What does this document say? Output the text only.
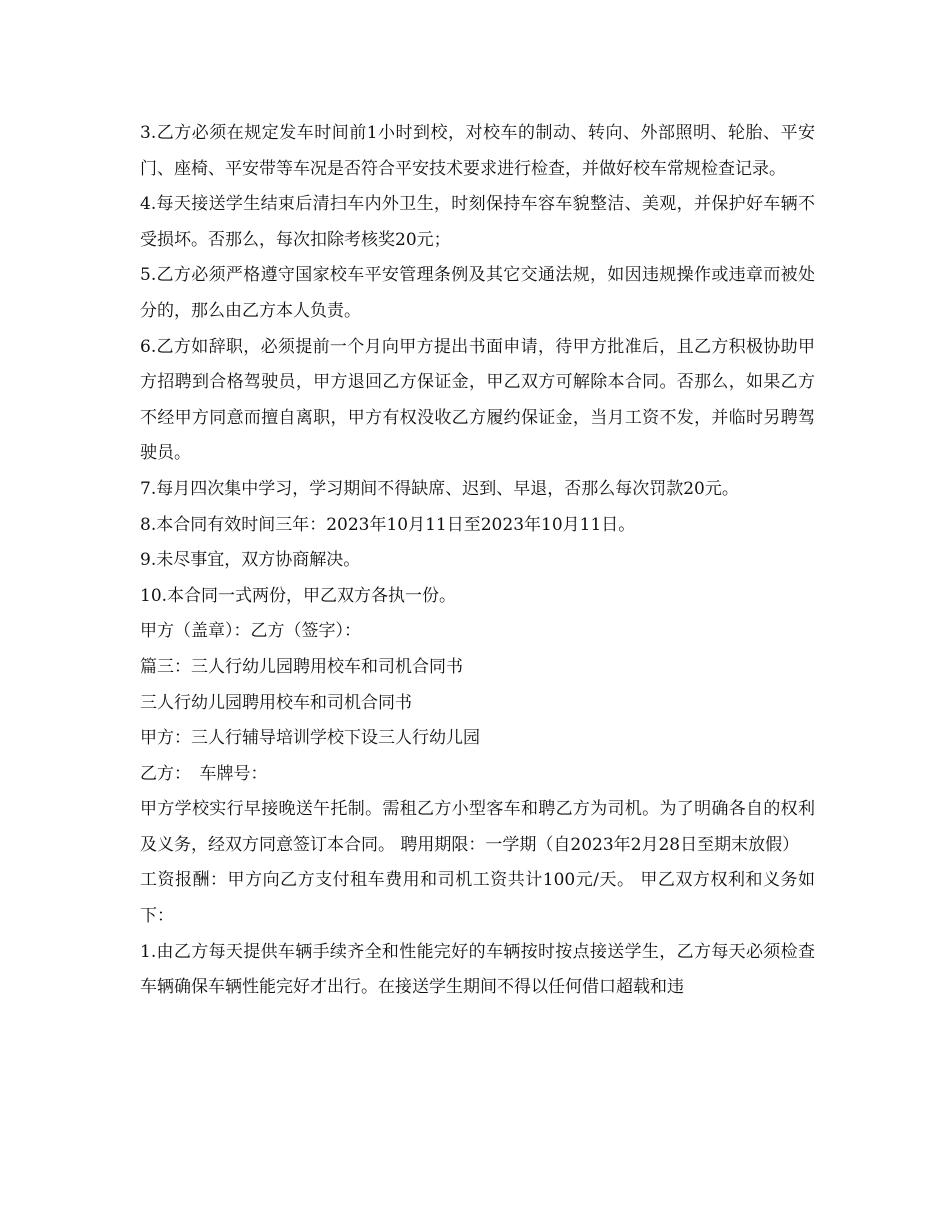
3.乙方必须在规定发车时间前1小时到校，对校车的制动、转向、外部照明、轮胎、平安门、座椅、平安带等车况是否符合平安技术要求进行检查，并做好校车常规检查记录。

4.每天接送学生结束后清扫车内外卫生，时刻保持车容车貌整洁、美观，并保护好车辆不受损坏。否那么，每次扣除考核奖20元；

5.乙方必须严格遵守国家校车平安管理条例及其它交通法规，如因违规操作或违章而被处分的，那么由乙方本人负责。

6.乙方如辞职，必须提前一个月向甲方提出书面申请，待甲方批准后，且乙方积极协助甲方招聘到合格驾驶员，甲方退回乙方保证金，甲乙双方可解除本合同。否那么，如果乙方不经甲方同意而擅自离职，甲方有权没收乙方履约保证金，当月工资不发，并临时另聘驾驶员。

7.每月四次集中学习，学习期间不得缺席、迟到、早退，否那么每次罚款20元。

8.本合同有效时间三年：2023年10月11日至2023年10月11日。

9.未尽事宜，双方协商解决。

10.本合同一式两份，甲乙双方各执一份。

甲方（盖章）：乙方（签字）：

篇三：三人行幼儿园聘用校车和司机合同书

三人行幼儿园聘用校车和司机合同书

甲方：三人行辅导培训学校下设三人行幼儿园

乙方：　车牌号：

甲方学校实行早接晚送午托制。需租乙方小型客车和聘乙方为司机。为了明确各自的权利及义务，经双方同意签订本合同。 聘用期限：一学期（自2023年2月28日至期末放假）

工资报酬：甲方向乙方支付租车费用和司机工资共计100元/天。 甲乙双方权利和义务如下：

1.由乙方每天提供车辆手续齐全和性能完好的车辆按时按点接送学生，乙方每天必须检查车辆确保车辆性能完好才出行。在接送学生期间不得以任何借口超载和违
